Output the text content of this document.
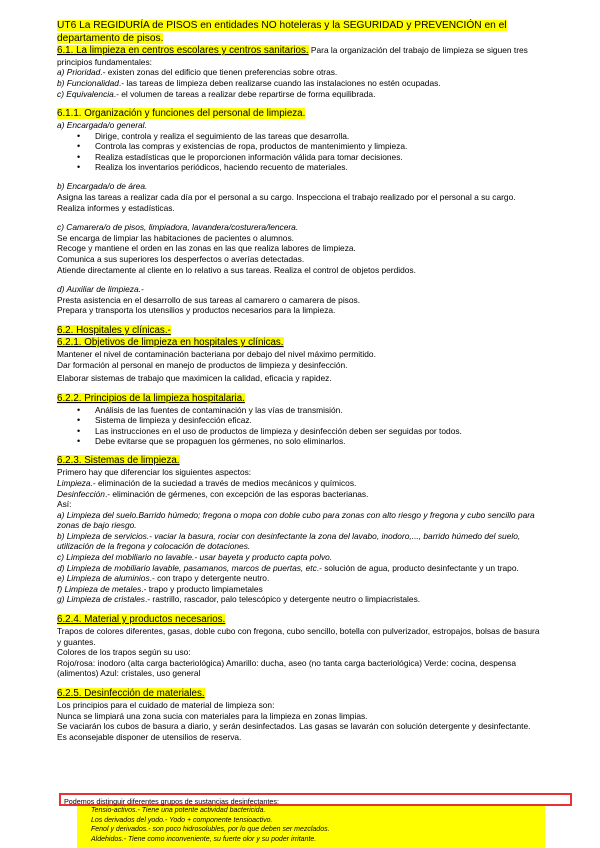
UT6 La REGIDURÍA de PISOS en entidades NO hoteleras y la SEGURIDAD y PREVENCIÓN en el
departamento de pisos.
6.1. La limpieza en centros escolares y centros sanitarios. Para la organización del trabajo de limpieza se siguen tres
principios fundamentales:
a) Prioridad.- existen zonas del edificio que tienen preferencias sobre otras.
b) Funcionalidad.- las tareas de limpieza deben realizarse cuando las instalaciones no estén ocupadas.
c) Equivalencia.- el volumen de tareas a realizar debe repartirse de forma equilibrada.
6.1.1. Organización y funciones del personal de limpieza.
a) Encargada/o general.
• Dirige, controla y realiza el seguimiento de las tareas que desarrolla.
• Controla las compras y existencias de ropa, productos de mantenimiento y limpieza.
• Realiza estadísticas que le proporcionen información válida para tomar decisiones.
• Realiza los inventarios periódicos, haciendo recuento de materiales.
b) Encargada/o de área.
Asigna las tareas a realizar cada día por el personal a su cargo. Inspecciona el trabajo realizado por el personal a su cargo.
Realiza informes y estadísticas.
c) Camarera/o de pisos, limpiadora, lavandera/costurera/lencera.
Se encarga de limpiar las habitaciones de pacientes o alumnos.
Recoge y mantiene el orden en las zonas en las que realiza labores de limpieza.
Comunica a sus superiores los desperfectos o averías detectadas.
Atiende directamente al cliente en lo relativo a sus tareas. Realiza el control de objetos perdidos.
d) Auxiliar de limpieza.-
Presta asistencia en el desarrollo de sus tareas al camarero o camarera de pisos.
Prepara y transporta los utensilios y productos necesarios para la limpieza.
6.2. Hospitales y clínicas.-
6.2.1. Objetivos de limpieza en hospitales y clínicas.
Mantener el nivel de contaminación bacteriana por debajo del nivel máximo permitido.
Dar formación al personal en manejo de productos de limpieza y desinfección.
Elaborar sistemas de trabajo que maximicen la calidad, eficacia y rapidez.
6.2.2. Principios de la limpieza hospitalaria.
• Análisis de las fuentes de contaminación y las vías de transmisión.
• Sistema de limpieza y desinfección eficaz.
• Las instrucciones en el uso de productos de limpieza y desinfección deben ser seguidas por todos.
• Debe evitarse que se propaguen los gérmenes, no solo eliminarlos.
6.2.3. Sistemas de limpieza.
Primero hay que diferenciar los siguientes aspectos:
Limpieza.- eliminación de la suciedad a través de medios mecánicos y químicos.
Desinfección.- eliminación de gérmenes, con excepción de las esporas bacterianas.
Así:
a) Limpieza del suelo.Barrido húmedo; fregona o mopa con doble cubo para zonas con alto riesgo y fregona y cubo sencillo para
zonas de bajo riesgo.
b) Limpieza de servicios.- vaciar la basura, rociar con desinfectante la zona del lavabo, inodoro,..., barrido húmedo del suelo,
utilización de la fregona y colocación de dotaciones.
c) Limpieza del mobiliario no lavable.- usar bayeta y producto capta polvo.
d) Limpieza de mobiliario lavable, pasamanos, marcos de puertas, etc.- solución de agua, producto desinfectante y un trapo.
e) Limpieza de aluminios.- con trapo y detergente neutro.
f) Limpieza de metales.- trapo y producto limpiametales
g) Limpieza de cristales.- rastrillo, rascador, palo telescópico y detergente neutro o limpiacristales.
6.2.4. Material y productos necesarios.
Trapos de colores diferentes, gasas, doble cubo con fregona, cubo sencillo, botella con pulverizador, estropajos, bolsas de basura
y guantes.
Colores de los trapos según su uso:
Rojo/rosa: inodoro (alta carga bacteriológica) Amarillo: ducha, aseo (no tanta carga bacteriológica) Verde: cocina, despensa
(alimentos) Azul: cristales, uso general
6.2.5. Desinfección de materiales.
Los principios para el cuidado de material de limpieza son:
Nunca se limpiará una zona sucia con materiales para la limpieza en zonas limpias.
Se vaciarán los cubos de basura a diario, y serán desinfectados. Las gasas se lavarán con solución detergente y desinfectante.
Es aconsejable disponer de utensilios de reserva.
Podemos distinguir diferentes grupos de sustancias desinfectantes:
Tensio-activos.- Tiene una potente actividad bactericida.
Los derivados del yodo.- Yodo + componente tensioactivo.
Fenol y derivados.- son poco hidrosolubles, por lo que deben ser mezclados.
Aldehidos.- Tiene como inconveniente, su fuerte olor y su poder irritante.
